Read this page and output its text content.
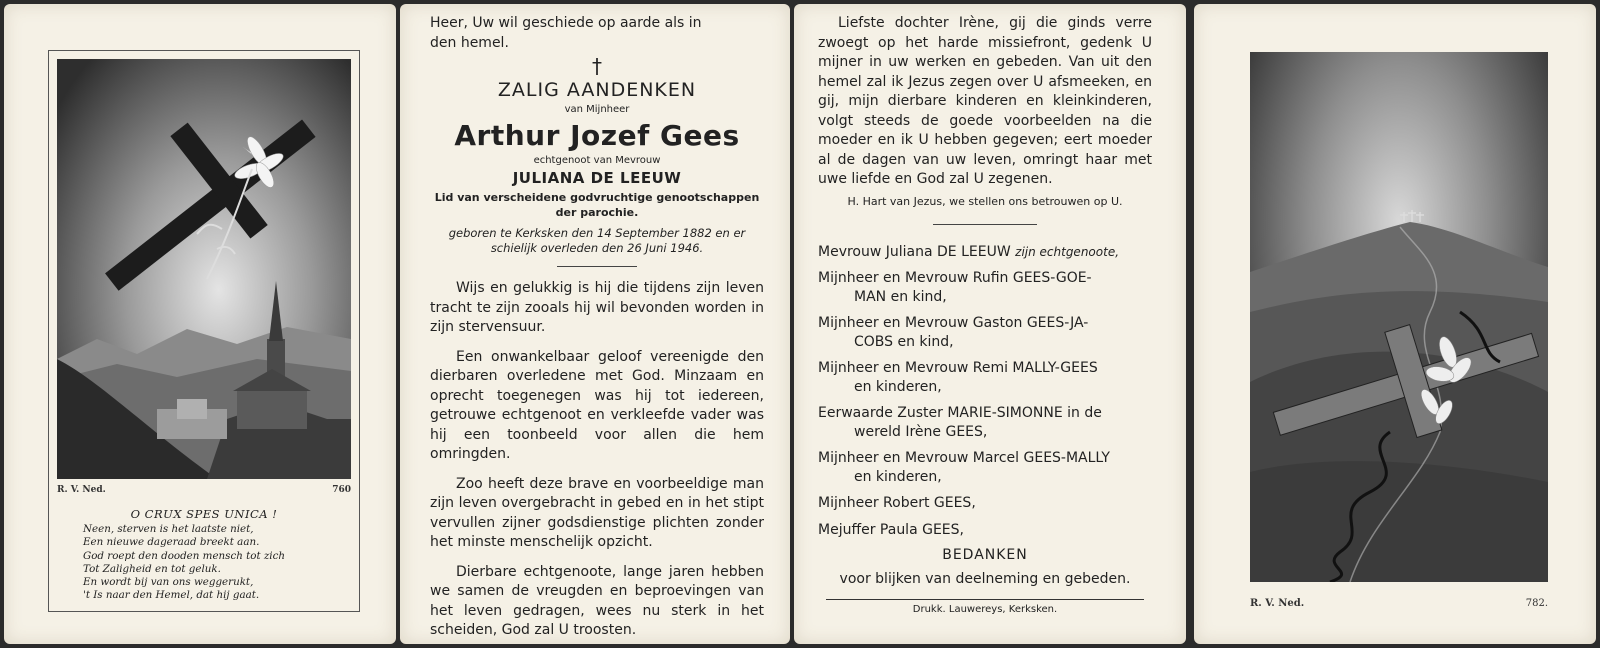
R. V. Ned.	760
O CRUX SPES UNICA !
Neen, sterven is het laatste niet,
Een nieuwe dageraad breekt aan.
God roept den dooden mensch tot zich
Tot Zaligheid en tot geluk.
En wordt bij van ons weggerukt,
't Is naar den Hemel, dat hij gaat.
Heer, Uw wil geschiede op aarde als in
den hemel.
†
ZALIG AANDENKEN
van Mijnheer
Arthur Jozef Gees
echtgenoot van Mevrouw
JULIANA DE LEEUW
Lid van verscheidene godvruchtige genootschappen
der parochie.
geboren te Kerksken den 14 September 1882 en er
schielijk overleden den 26 Juni 1946.

Wijs en gelukkig is hij die tijdens zijn leven tracht te zijn zooals hij wil bevonden worden in zijn stervensuur.

Een onwankelbaar geloof vereenigde den dierbaren overledene met God. Minzaam en oprecht toegenegen was hij tot iedereen, getrouwe echtgenoot en verkleefde vader was hij een toonbeeld voor allen die hem omringden.

Zoo heeft deze brave en voorbeeldige man zijn leven overgebracht in gebed en in het stipt vervullen zijner godsdienstige plichten zonder het minste menschelijk opzicht.

Dierbare echtgenoote, lange jaren hebben we samen de vreugden en beproevingen van het leven gedragen, wees nu sterk in het scheiden, God zal U troosten.

Liefste dochter Irène, gij die ginds verre zwoegt op het harde missiefront, gedenk U mijner in uw werken en gebeden. Van uit den hemel zal ik Jezus zegen over U afsmeeken, en gij, mijn dierbare kinderen en kleinkinderen, volgt steeds de goede voorbeelden na die moeder en ik U hebben gegeven; eert moeder al de dagen van uw leven, omringt haar met uwe liefde en God zal U zegenen.

H. Hart van Jezus, we stellen ons betrouwen op U.
Mevrouw Juliana DE LEEUW zijn echtgenoote,
Mijnheer en Mevrouw Rufin GEES-GOE-
MAN en kind,
Mijnheer en Mevrouw Gaston GEES-JA-
COBS en kind,
Mijnheer en Mevrouw Remi MALLY-GEES
en kinderen,
Eerwaarde Zuster MARIE-SIMONNE in de
wereld Irène GEES,
Mijnheer en Mevrouw Marcel GEES-MALLY
en kinderen,
Mijnheer Robert GEES,
Mejuffer Paula GEES,
BEDANKEN
voor blijken van deelneming en gebeden.
Drukk. Lauwereys, Kerksken.
R. V. Ned.	782.
